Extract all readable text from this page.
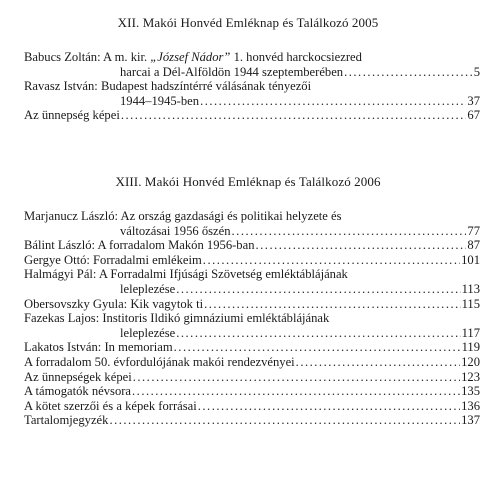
XII. Makói Honvéd Emléknap és Találkozó 2005
Babucs Zoltán: A m. kir. „József Nádor” 1. honvéd harckocsiezred
harcai a Dél-Alföldön 1944 szeptemberében .....	5
Ravasz István: Budapest hadszíntérré válásának tényezői
1944–1945-ben .....	37
Az ünnepség képei .....	67
XIII. Makói Honvéd Emléknap és Találkozó 2006
Marjanucz László: Az ország gazdasági és politikai helyzete és
változásai 1956 őszén .....	77
Bálint László: A forradalom Makón 1956-ban .....	87
Gergye Ottó: Forradalmi emlékeim .....	101
Halmágyi Pál: A Forradalmi Ifjúsági Szövetség emléktáblájának
leleplezése .....	113
Obersovszky Gyula: Kik vagytok ti .....	115
Fazekas Lajos: Institoris Ildikó gimnáziumi emléktáblájának
leleplezése .....	117
Lakatos István: In memoriam .....	119
A forradalom 50. évfordulójának makói rendezvényei .....	120
Az ünnepségek képei .....	123
A támogatók névsora .....	135
A kötet szerzői és a képek forrásai .....	136
Tartalomjegyzék .....	137
